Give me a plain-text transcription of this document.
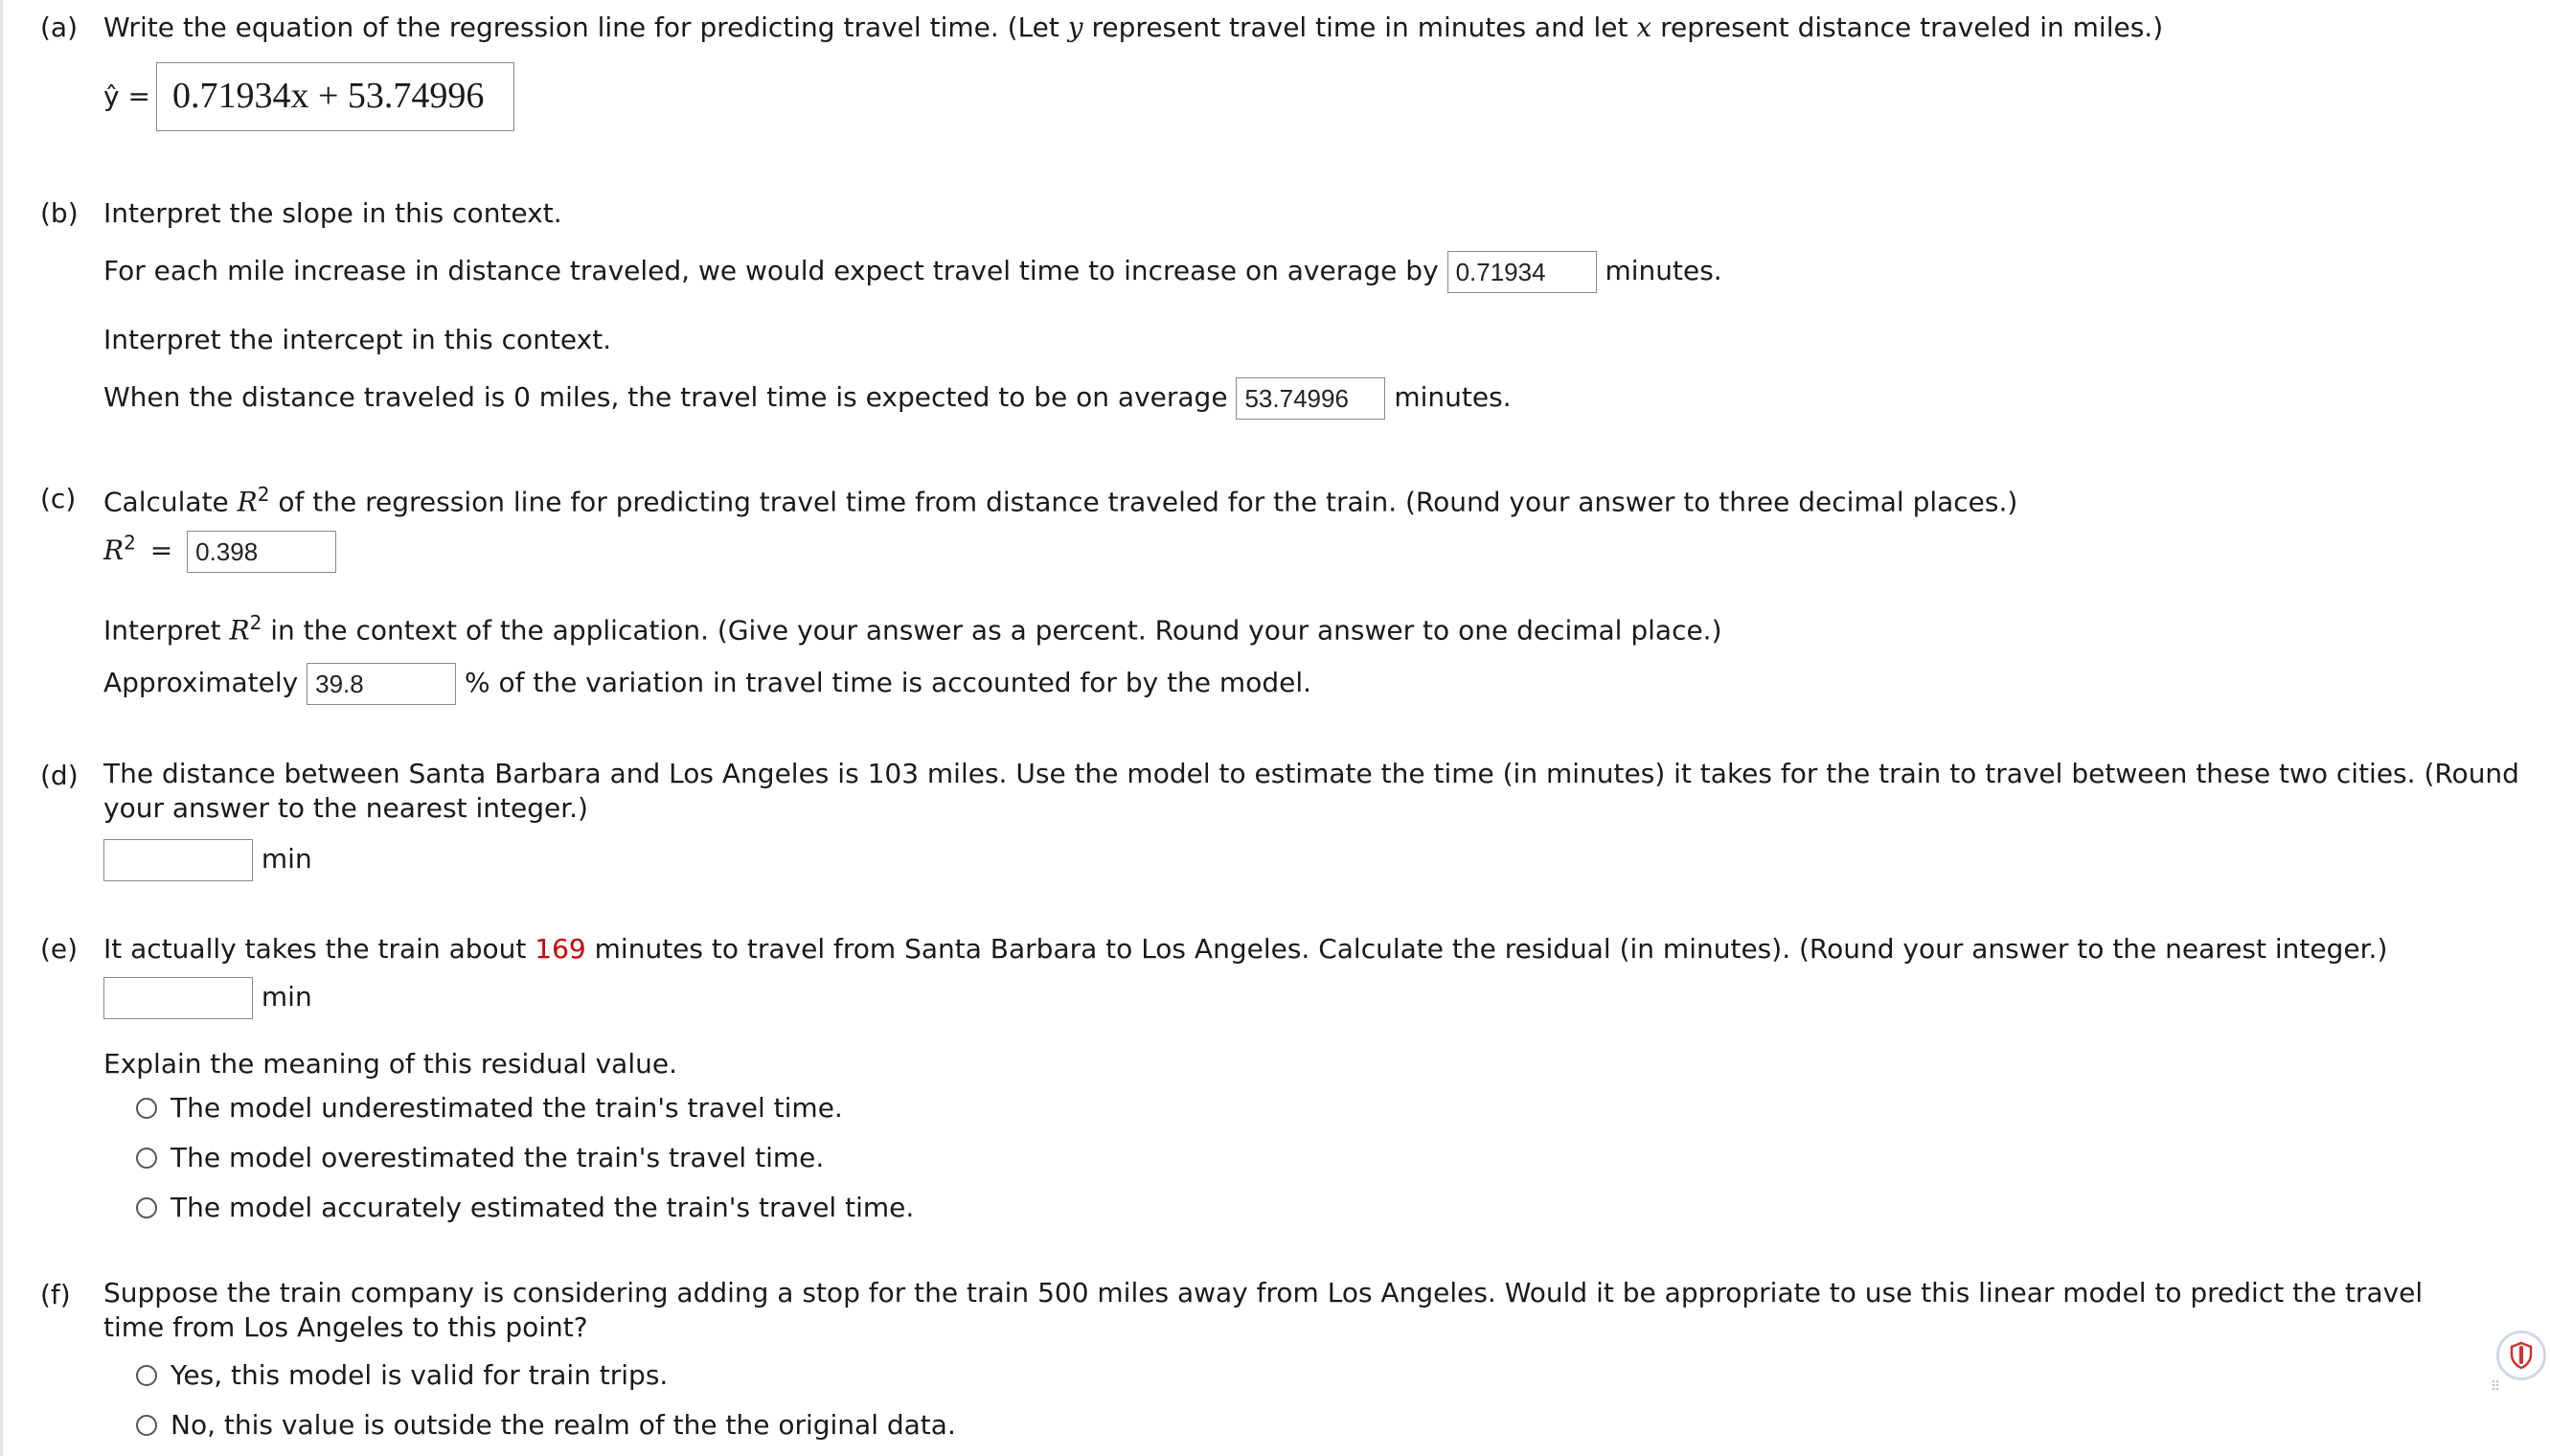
(a) Write the equation of the regression line for predicting travel time. (Let y represent travel time in minutes and let x represent distance traveled in miles.)
ŷ = 0.71934x + 53.74996
(b) Interpret the slope in this context.
For each mile increase in distance traveled, we would expect travel time to increase on average by 0.71934 minutes.
Interpret the intercept in this context.
When the distance traveled is 0 miles, the travel time is expected to be on average 53.74996 minutes.
(c) Calculate $R^2$ of the regression line for predicting travel time from distance traveled for the train. (Round your answer to three decimal places.)
$R^2 = 0.398$
Interpret $R^2$ in the context of the application. (Give your answer as a percent. Round your answer to one decimal place.)
Approximately 39.8	% of the variation in travel time is accounted for by the model.
(d) The distance between Santa Barbara and Los Angeles is 103 miles. Use the model to estimate the time (in minutes) it takes for the train to travel between these two cities. (Round your answer to the nearest integer.)
min
(e) It actually takes the train about 169 minutes to travel from Santa Barbara to Los Angeles. Calculate the residual (in minutes). (Round your answer to the nearest integer.)
min
Explain the meaning of this residual value.
The model underestimated the train's travel time.
The model overestimated the train's travel time.
The model accurately estimated the train's travel time.
(f) Suppose the train company is considering adding a stop for the train 500 miles away from Los Angeles. Would it be appropriate to use this linear model to predict the travel time from Los Angeles to this point?
Yes, this model is valid for train trips.
No, this value is outside the realm of the the original data.
⠿
